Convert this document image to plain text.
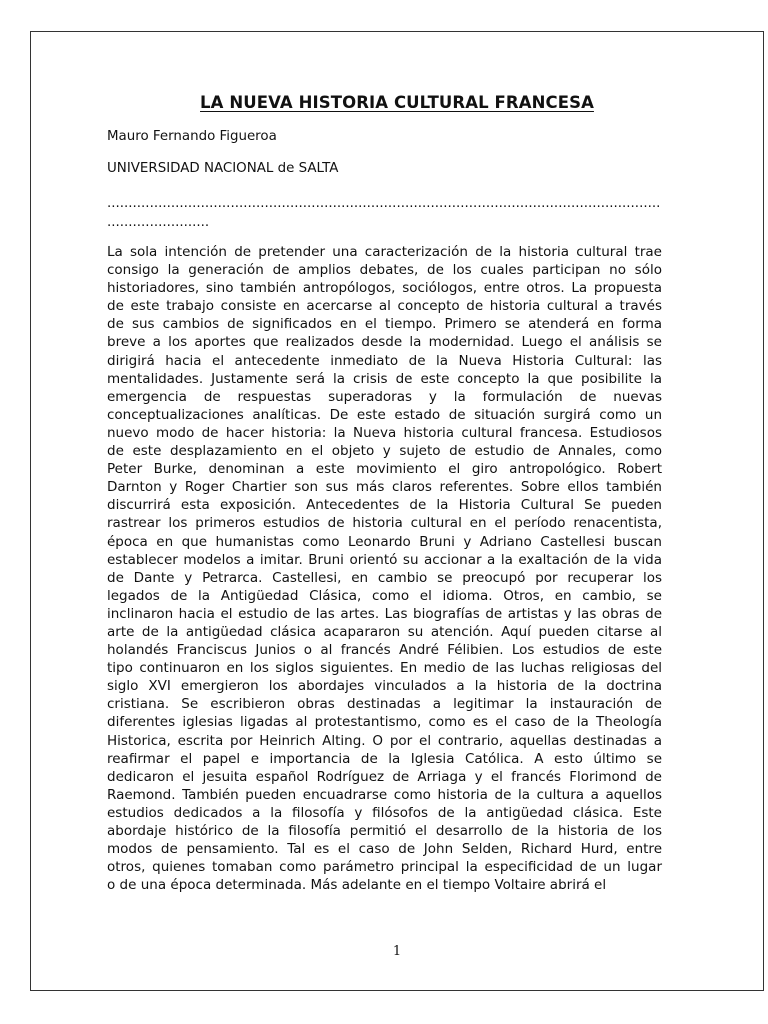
LA NUEVA HISTORIA CULTURAL FRANCESA

Mauro Fernando Figueroa

UNIVERSIDAD NACIONAL de SALTA

..................................................................................................................................
........................
La sola intención de pretender una caracterización de la historia cultural trae
consigo la generación de amplios debates, de los cuales participan no sólo
historiadores, sino también antropólogos, sociólogos, entre otros. La propuesta
de este trabajo consiste en acercarse al concepto de historia cultural a través
de sus cambios de significados en el tiempo. Primero se atenderá en forma
breve a los aportes que realizados desde la modernidad. Luego el análisis se
dirigirá hacia el antecedente inmediato de la Nueva Historia Cultural: las
mentalidades. Justamente será la crisis de este concepto la que posibilite la
emergencia de respuestas superadoras y la formulación de nuevas
conceptualizaciones analíticas. De este estado de situación surgirá como un
nuevo modo de hacer historia: la Nueva historia cultural francesa. Estudiosos
de este desplazamiento en el objeto y sujeto de estudio de Annales, como
Peter Burke, denominan a este movimiento el giro antropológico. Robert
Darnton y Roger Chartier son sus más claros referentes. Sobre ellos también
discurrirá esta exposición. Antecedentes de la Historia Cultural Se pueden
rastrear los primeros estudios de historia cultural en el período renacentista,
época en que humanistas como Leonardo Bruni y Adriano Castellesi buscan
establecer modelos a imitar. Bruni orientó su accionar a la exaltación de la vida
de Dante y Petrarca. Castellesi, en cambio se preocupó por recuperar los
legados de la Antigüedad Clásica, como el idioma. Otros, en cambio, se
inclinaron hacia el estudio de las artes. Las biografías de artistas y las obras de
arte de la antigüedad clásica acapararon su atención. Aquí pueden citarse al
holandés Franciscus Junios o al francés André Félibien. Los estudios de este
tipo continuaron en los siglos siguientes. En medio de las luchas religiosas del
siglo XVI emergieron los abordajes vinculados a la historia de la doctrina
cristiana. Se escribieron obras destinadas a legitimar la instauración de
diferentes iglesias ligadas al protestantismo, como es el caso de la Theología
Historica, escrita por Heinrich Alting. O por el contrario, aquellas destinadas a
reafirmar el papel e importancia de la Iglesia Católica. A esto último se
dedicaron el jesuita español Rodríguez de Arriaga y el francés Florimond de
Raemond. También pueden encuadrarse como historia de la cultura a aquellos
estudios dedicados a la filosofía y filósofos de la antigüedad clásica. Este
abordaje histórico de la filosofía permitió el desarrollo de la historia de los
modos de pensamiento. Tal es el caso de John Selden, Richard Hurd, entre
otros, quienes tomaban como parámetro principal la especificidad de un lugar
o de una época determinada. Más adelante en el tiempo Voltaire abrirá el

1
